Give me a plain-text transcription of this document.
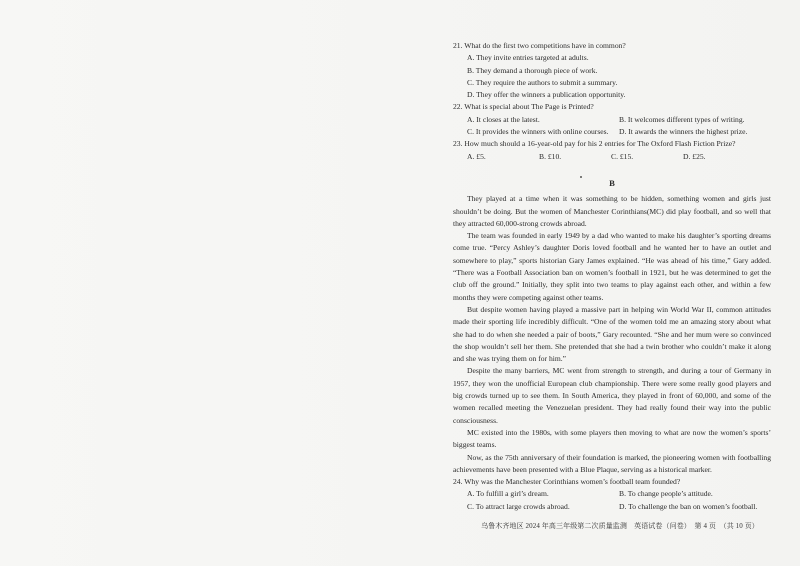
21. What do the first two competitions have in common?

A. They invite entries targeted at adults.

B. They demand a thorough piece of work.

C. They require the authors to submit a summary.

D. They offer the winners a publication opportunity.

22. What is special about The Page is Printed?

A. It closes at the latest.	B. It welcomes different types of writing.
C. It provides the winners with online courses.	D. It awards the winners the highest prize.

23. How much should a 16-year-old pay for his 2 entries for The Oxford Flash Fiction Prize?

A. £5.	B. £10.	C. £15.	D. £25.
B

They played at a time when it was something to be hidden, something women and girls just shouldn’t be doing. But the women of Manchester Corinthians(MC) did play football, and so well that they attracted 60,000-strong crowds abroad.

The team was founded in early 1949 by a dad who wanted to make his daughter’s sporting dreams come true. “Percy Ashley’s daughter Doris loved football and he wanted her to have an outlet and somewhere to play,” sports historian Gary James explained. “He was ahead of his time,” Gary added. “There was a Football Association ban on women’s football in 1921, but he was determined to get the club off the ground.” Initially, they split into two teams to play against each other, and within a few months they were competing against other teams.

But despite women having played a massive part in helping win World War II, common attitudes made their sporting life incredibly difficult. “One of the women told me an amazing story about what she had to do when she needed a pair of boots,” Gary recounted. “She and her mum were so convinced the shop wouldn’t sell her them. She pretended that she had a twin brother who couldn’t make it along and she was trying them on for him.”

Despite the many barriers, MC went from strength to strength, and during a tour of Germany in 1957, they won the unofficial European club championship. There were some really good players and big crowds turned up to see them. In South America, they played in front of 60,000, and some of the women recalled meeting the Venezuelan president. They had really found their way into the public consciousness.

MC existed into the 1980s, with some players then moving to what are now the women’s sports’ biggest teams.

Now, as the 75th anniversary of their foundation is marked, the pioneering women with footballing achievements have been presented with a Blue Plaque, serving as a historical marker.

24. Why was the Manchester Corinthians women’s football team founded?

A. To fulfill a girl’s dream.	B. To change people’s attitude.
C. To attract large crowds abroad.	D. To challenge the ban on women’s football.
乌鲁木齐地区 2024 年高三年级第二次质量监测　英语试卷（问卷）　第 4 页　（共 10 页）
